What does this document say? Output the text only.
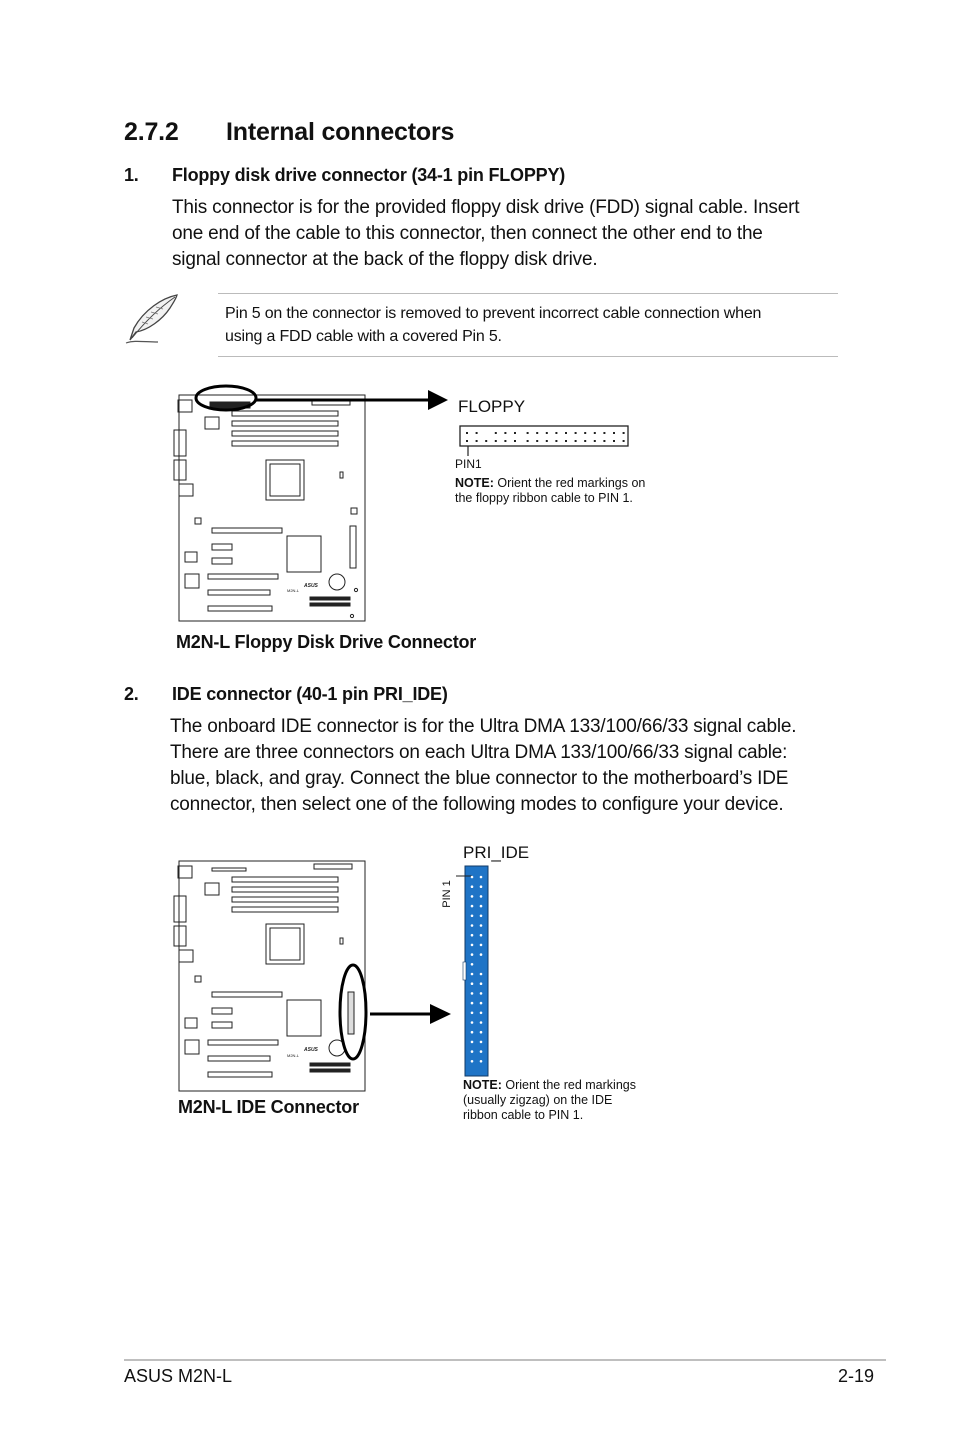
2.7.2 Internal connectors
1. Floppy disk drive connector (34-1 pin FLOPPY)
This connector is for the provided floppy disk drive (FDD) signal cable. Insert
one end of the cable to this connector, then connect the other end to the
signal connector at the back of the floppy disk drive.
Pin 5 on the connector is removed to prevent incorrect cable connection when
using a FDD cable with a covered Pin 5.
ASUS
M2N-L
FLOPPY
PIN1
NOTE: Orient the red markings on
the floppy ribbon cable to PIN 1.
M2N-L Floppy Disk Drive Connector
2. IDE connector (40-1 pin PRI_IDE)
The onboard IDE connector is for the Ultra DMA 133/100/66/33 signal cable.
There are three connectors on each Ultra DMA 133/100/66/33 signal cable:
blue, black, and gray. Connect the blue connector to the motherboard’s IDE
connector, then select one of the following modes to configure your device.
ASUS
M2N-L
PRI_IDE
PIN 1
NOTE: Orient the red markings
(usually zigzag) on the IDE
ribbon cable to PIN 1.
M2N-L IDE Connector
ASUS M2N-L	2-19
